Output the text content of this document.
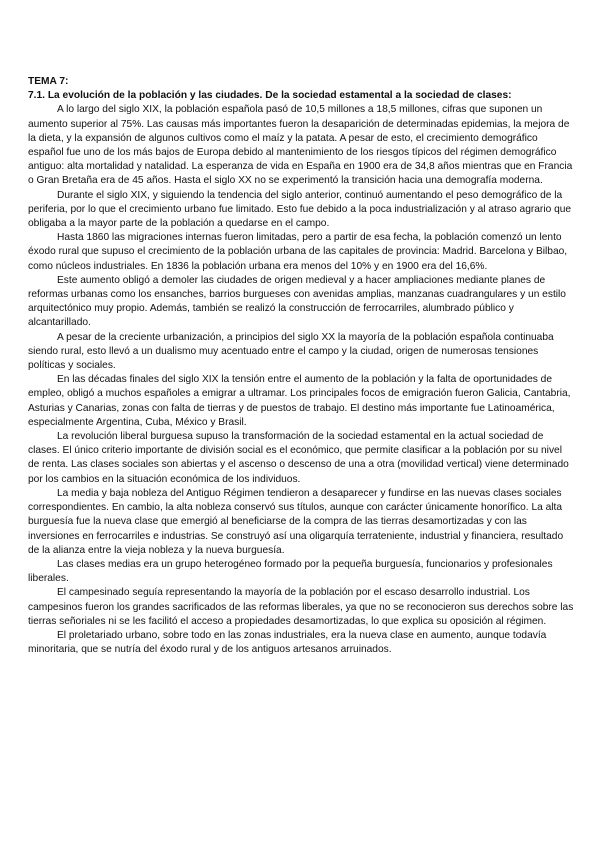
TEMA 7:

7.1. La evolución de la población y las ciudades. De la sociedad estamental a la sociedad de clases:

A lo largo del siglo XIX, la población española pasó de 10,5 millones a 18,5 millones, cifras que suponen un aumento superior al 75%. Las causas más importantes fueron la desaparición de determinadas epidemias, la mejora de la dieta, y la expansión de algunos cultivos como el maíz y la patata. A pesar de esto, el crecimiento demográfico español fue uno de los más bajos de Europa debido al mantenimiento de los riesgos típicos del régimen demográfico antiguo: alta mortalidad y natalidad. La esperanza de vida en España en 1900 era de 34,8 años mientras que en Francia o Gran Bretaña era de 45 años. Hasta el siglo XX no se experimentó la transición hacia una demografía moderna.

Durante el siglo XIX, y siguiendo la tendencia del siglo anterior, continuó aumentando el peso demográfico de la periferia, por lo que el crecimiento urbano fue limitado. Esto fue debido a la poca industrialización y al atraso agrario que obligaba a la mayor parte de la población a quedarse en el campo.

Hasta 1860 las migraciones internas fueron limitadas, pero a partir de esa fecha, la población comenzó un lento éxodo rural que supuso el crecimiento de la población urbana de las capitales de provincia: Madrid. Barcelona y Bilbao, como núcleos industriales. En 1836 la población urbana era menos del 10% y en 1900 era del 16,6%.

Este aumento obligó a demoler las ciudades de origen medieval y a hacer ampliaciones mediante planes de reformas urbanas como los ensanches, barrios burgueses con avenidas amplias, manzanas cuadrangulares y un estilo arquitectónico muy propio. Además, también se realizó la construcción de ferrocarriles, alumbrado público y alcantarillado.

A pesar de la creciente urbanización, a principios del siglo XX la mayoría de la población española continuaba siendo rural, esto llevó a un dualismo muy acentuado entre el campo y la ciudad, origen de numerosas tensiones políticas y sociales.

En las décadas finales del siglo XIX la tensión entre el aumento de la población y la falta de oportunidades de empleo, obligó a muchos españoles a emigrar a ultramar. Los principales focos de emigración fueron Galicia, Cantabria, Asturias y Canarias, zonas con falta de tierras y de puestos de trabajo. El destino más importante fue Latinoamérica, especialmente Argentina, Cuba, México y Brasil.

La revolución liberal burguesa supuso la transformación de la sociedad estamental en la actual sociedad de clases. El único criterio importante de división social es el económico, que permite clasificar a la población por su nivel de renta. Las clases sociales son abiertas y el ascenso o descenso de una a otra (movilidad vertical) viene determinado por los cambios en la situación económica de los individuos.

La media y baja nobleza del Antiguo Régimen tendieron a desaparecer y fundirse en las nuevas clases sociales correspondientes. En cambio, la alta nobleza conservó sus títulos, aunque con carácter únicamente honorífico. La alta burguesía fue la nueva clase que emergió al beneficiarse de la compra de las tierras desamortizadas y con las inversiones en ferrocarriles e industrias. Se construyó así una oligarquía terrateniente, industrial y financiera, resultado de la alianza entre la vieja nobleza y la nueva burguesía.

Las clases medias era un grupo heterogéneo formado por la pequeña burguesía, funcionarios y profesionales liberales.

El campesinado seguía representando la mayoría de la población por el escaso desarrollo industrial. Los campesinos fueron los grandes sacrificados de las reformas liberales, ya que no se reconocieron sus derechos sobre las tierras señoriales ni se les facilitó el acceso a propiedades desamortizadas, lo que explica su oposición al régimen.

El proletariado urbano, sobre todo en las zonas industriales, era la nueva clase en aumento, aunque todavía minoritaria, que se nutría del éxodo rural y de los antiguos artesanos arruinados.
